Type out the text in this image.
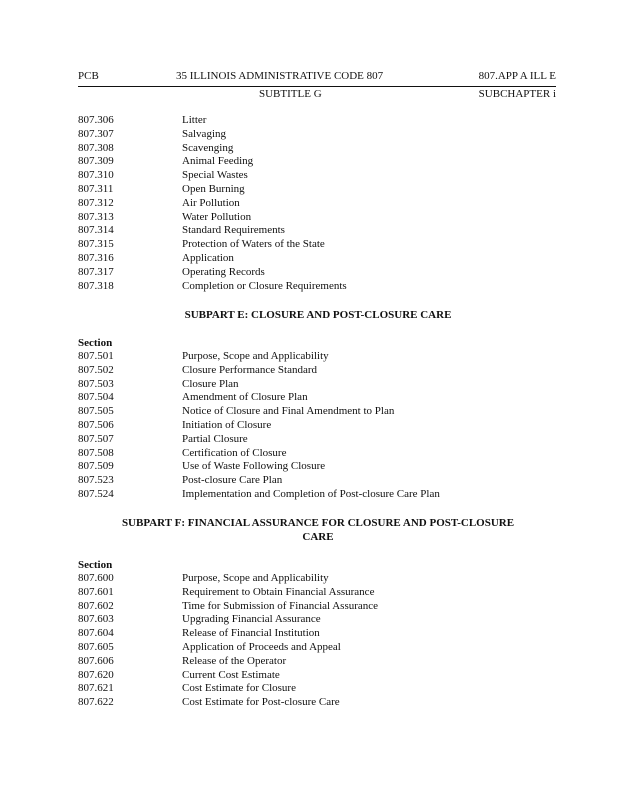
PCB	35 ILLINOIS ADMINISTRATIVE CODE 807	807.APP A ILL E
SUBTITLE G	SUBCHAPTER i
807.306	Litter
807.307	Salvaging
807.308	Scavenging
807.309	Animal Feeding
807.310	Special Wastes
807.311	Open Burning
807.312	Air Pollution
807.313	Water Pollution
807.314	Standard Requirements
807.315	Protection of Waters of the State
807.316	Application
807.317	Operating Records
807.318	Completion or Closure Requirements
SUBPART E: CLOSURE AND POST-CLOSURE CARE
Section
807.501	Purpose, Scope and Applicability
807.502	Closure Performance Standard
807.503	Closure Plan
807.504	Amendment of Closure Plan
807.505	Notice of Closure and Final Amendment to Plan
807.506	Initiation of Closure
807.507	Partial Closure
807.508	Certification of Closure
807.509	Use of Waste Following Closure
807.523	Post-closure Care Plan
807.524	Implementation and Completion of Post-closure Care Plan
SUBPART F: FINANCIAL ASSURANCE FOR CLOSURE AND POST-CLOSURE
CARE
Section
807.600	Purpose, Scope and Applicability
807.601	Requirement to Obtain Financial Assurance
807.602	Time for Submission of Financial Assurance
807.603	Upgrading Financial Assurance
807.604	Release of Financial Institution
807.605	Application of Proceeds and Appeal
807.606	Release of the Operator
807.620	Current Cost Estimate
807.621	Cost Estimate for Closure
807.622	Cost Estimate for Post-closure Care
